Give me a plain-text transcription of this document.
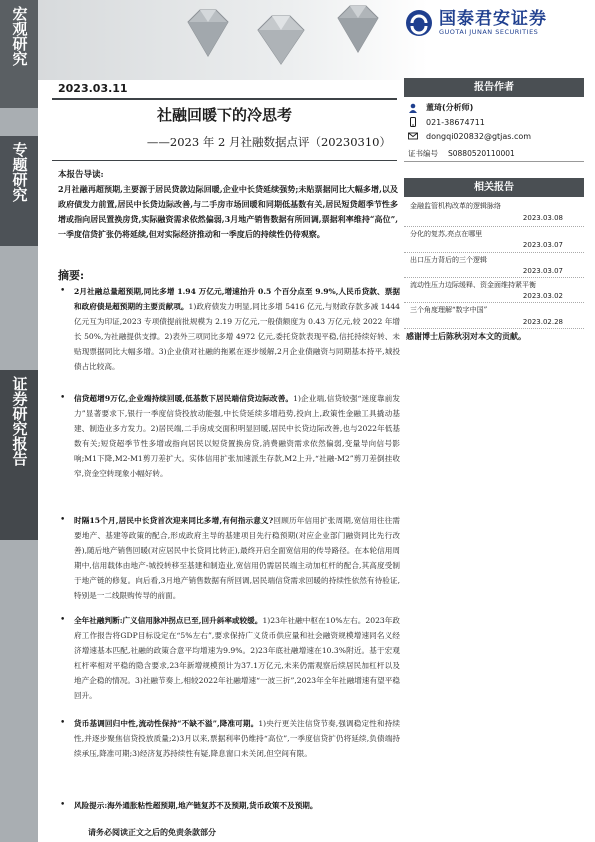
宏观研究
专题研究
证券研究报告
国泰君安证券
GUOTAI JUNAN SECURITIES
2023.03.11
社融回暖下的冷思考
——2023 年 2 月社融数据点评（20230310）
本报告导读:
2月社融再超预期,主要源于居民贷款边际回暖,企业中长贷延续强势;未贴票据同比大幅多增,以及政府债发力前置,居民中长贷边际改善,与二手房市场回暖和同期低基数有关,居民短贷超季节性多增或指向居民置换房贷,实际融资需求依然偏弱,3月地产销售数据有所回调,票据利率维持“高位”,一季度信贷扩张仍将延续,但对实际经济推动和一季度后的持续性仍待观察。
摘要:
• 2月社融总量超预期,同比多增 1.94 万亿元,增速抬升 0.5 个百分点至 9.9%,人民币贷款、票据和政府债是超预期的主要贡献项。1)政府债发力明显,同比多增 5416 亿元,与财政存款多减 1444 亿元互为印证,2023 专项债提前批规模为 2.19 万亿元,一般债额度为 0.43 万亿元,较 2022 年增长 50%,为社融提供支撑。2)表外三项同比多增 4972 亿元,委托贷款表现平稳,信托持续好转、未贴现票据同比大幅多增。3)企业债对社融的拖累在逐步缓解,2月企业债融资与同期基本持平,城投债占比较高。
• 信贷超增9万亿,企业端持续回暖,低基数下居民端信贷边际改善。1)企业端,信贷较强“迷度靠前发力”显著要求下,银行一季度信贷投放动能强,中长贷延续多增趋势,投向上,政策性金融工具撬动基建、制造业多方发力。2)居民端,二手房成交面积明显回暖,居民中长贷边际改善,也与2022年低基数有关;短贷超季节性多增或指向居民以短贷置换房贷,消费融资需求依然偏弱,变量导向信号影响;M1下降,M2-M1剪刀差扩大。实体信用扩张加速派生存款,M2上升,“社融-M2”剪刀差倒挂收窄,资金空转现象小幅好转。
• 时隔15个月,居民中长贷首次迎来同比多增,有何指示意义?回顾历年信用扩张周期,宽信用往往需要地产、基建等政策的配合,形成政府主导的基建项目先行稳预期(对应企业部门融资同比先行改善),随后地产销售回暖(对应居民中长贷同比转正),最终开启全面宽信用的传导路径。在本轮信用周期中,信用载体由地产-城投转移至基建和制造业,宽信用仍需居民端主动加杠杆的配合,其高度受制于地产链的修复。向后看,3月地产销售数据有所回调,居民端信贷需求回暖的持续性依然有待验证,特别是一二线限购传导的前面。
• 全年社融判断:广义信用脉冲拐点已至,回升斜率或较缓。1)23年社融中枢在10%左右。2023年政府工作报告将GDP目标设定在“5%左右”,要求保持广义货币供应量和社会融资规模增速同名义经济增速基本匹配,社融的政策合意平均增速为9.9%。2)23年底社融增速在10.3%附近。基于宏观杠杆率相对平稳的隐含要求,23年新增规模预计为37.1万亿元,未来仍需观察后续居民加杠杆以及地产企稳的情况。3)社融节奏上,相较2022年社融增速“一波三折”,2023年全年社融增速有望平稳回升。
• 货币基调回归中性,流动性保持“不缺不溢”,降准可期。1)央行更关注信贷节奏,强调稳定性和持续性,并逐步聚焦信贷投放质量;2)3月以来,票据利率仍维持“高位”,一季度信贷扩仍将延续,负债端持续承压,降准可期;3)经济复苏持续性有疑,降息窗口未关闭,但空间有限。
• 风险提示:海外通胀粘性超预期,地产链复苏不及预期,货币政策不及预期。
请务必阅读正文之后的免责条款部分
报告作者
董琦(分析师)
021-38674711
dongqi020832@gtjas.com
证书编号 S0880520110001
相关报告
金融监管机构改革的逻辑脉络
2023.03.08
分化的复苏,亮点在哪里
2023.03.07
出口压力背后的三个逻辑
2023.03.07
流动性压力边际缓释、资金面维持紧平衡
2023.03.02
三个角度理解“数字中国”
2023.02.28
感谢博士后陈秋羽对本文的贡献。
